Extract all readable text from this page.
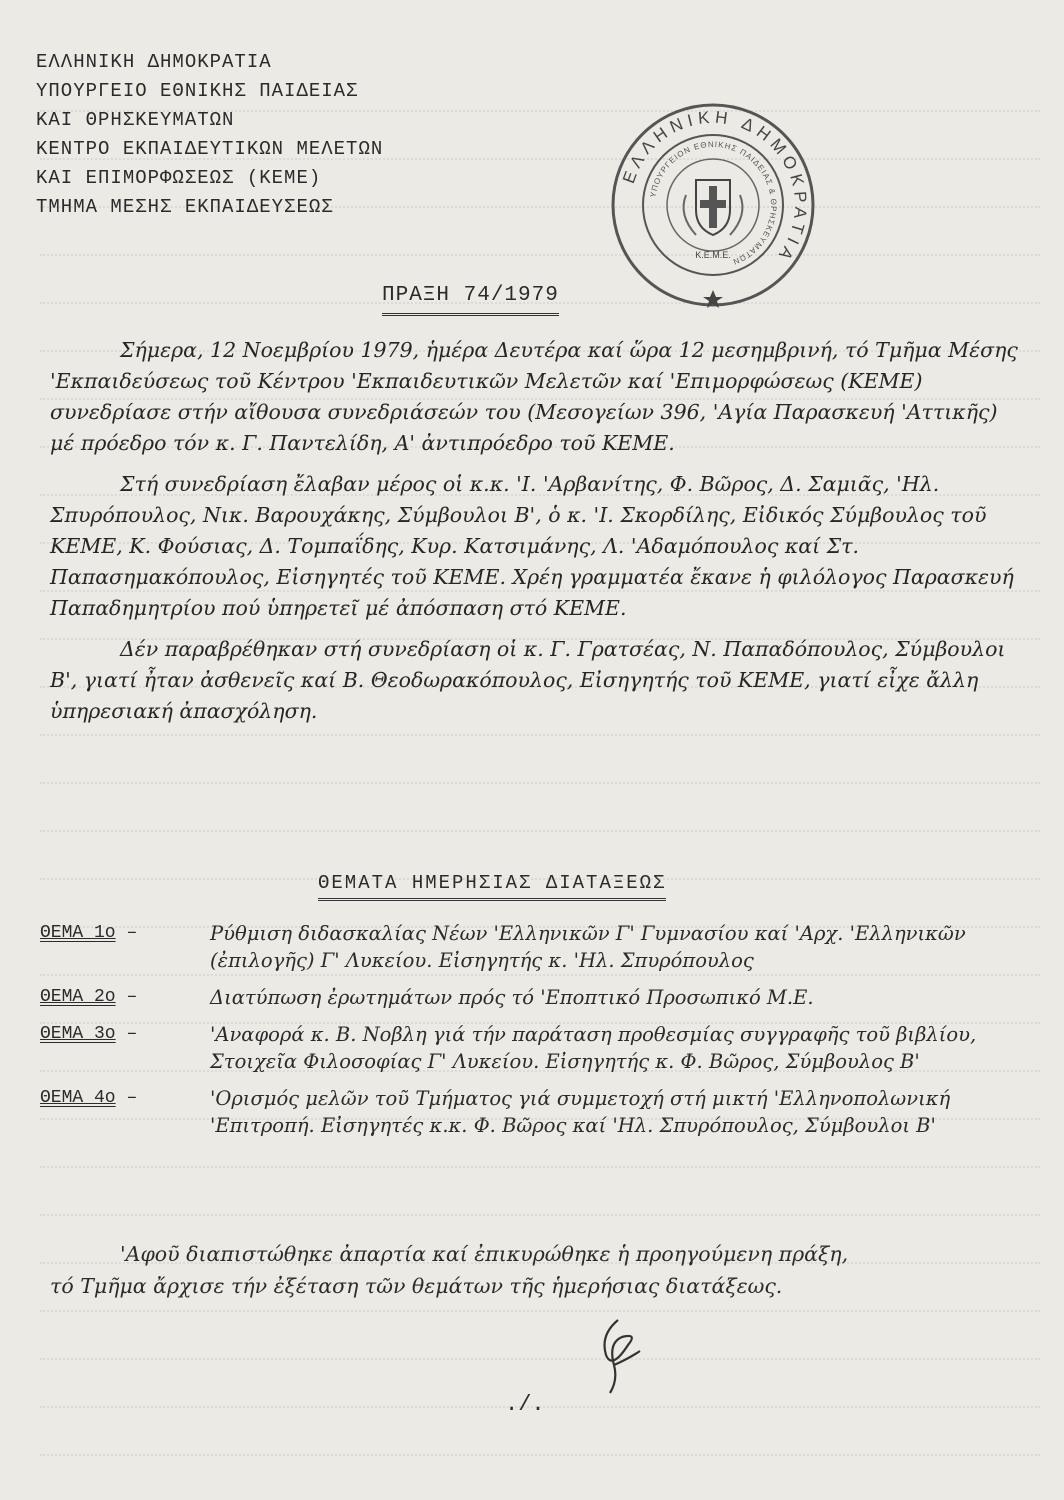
ΕΛΛΗΝΙΚΗ ΔΗΜΟΚΡΑΤΙΑ
ΥΠΟΥΡΓΕΙΟ ΕΘΝΙΚΗΣ ΠΑΙΔΕΙΑΣ
ΚΑΙ ΘΡΗΣΚΕΥΜΑΤΩΝ
ΚΕΝΤΡΟ ΕΚΠΑΙΔΕΥΤΙΚΩΝ ΜΕΛΕΤΩΝ
ΚΑΙ ΕΠΙΜΟΡΦΩΣΕΩΣ (ΚΕΜΕ)
ΤΜΗΜΑ ΜΕΣΗΣ ΕΚΠΑΙΔΕΥΣΕΩΣ
ΕΛΛΗΝΙΚΗ ΔΗΜΟΚΡΑΤΙΑ
ΥΠΟΥΡΓΕΙΟΝ ΕΘΝΙΚΗΣ ΠΑΙΔΕΙΑΣ & ΘΡΗΣΚΕΥΜΑΤΩΝ
Κ.Ε.Μ.Ε.
ΠΡΑΞΗ 74/1979

Σήμερα, 12 Νοεμβρίου 1979, ἡμέρα Δευτέρα καί ὥρα 12 μεσημβρινή, τό Τμῆμα Μέσης 'Εκπαιδεύσεως τοῦ Κέντρου 'Εκπαιδευτικῶν Μελετῶν καί 'Επιμορφώσεως (ΚΕΜΕ) συνεδρίασε στήν αἴθουσα συνεδριάσεών του (Μεσογείων 396, 'Αγία Παρασκευή 'Αττικῆς) μέ πρόεδρο τόν κ. Γ. Παντελίδη, Α' ἀντιπρόεδρο τοῦ ΚΕΜΕ.

Στή συνεδρίαση ἔλαβαν μέρος οἱ κ.κ. 'Ι. 'Αρβανίτης, Φ. Βῶρος, Δ. Σαμιᾶς, 'Ηλ. Σπυρόπουλος, Νικ. Βαρουχάκης, Σύμβουλοι Β', ὁ κ. 'Ι. Σκορδίλης, Εἰδικός Σύμβουλος τοῦ ΚΕΜΕ, Κ. Φούσιας, Δ. Τομπαΐδης, Κυρ. Κατσιμάνης, Λ. 'Αδαμόπουλος καί Στ. Παπασημακόπουλος, Εἰσηγητές τοῦ ΚΕΜΕ. Χρέη γραμματέα ἔκανε ἡ φιλόλογος Παρασκευή Παπαδημητρίου πού ὑπηρετεῖ μέ ἀπόσπαση στό ΚΕΜΕ.

Δέν παραβρέθηκαν στή συνεδρίαση οἱ κ. Γ. Γρατσέας, Ν. Παπαδόπουλος, Σύμβουλοι Β', γιατί ἦταν ἀσθενεῖς καί Β. Θεοδωρακόπουλος, Εἰσηγητής τοῦ ΚΕΜΕ, γιατί εἶχε ἄλλη ὑπηρεσιακή ἀπασχόληση.

ΘΕΜΑΤΑ ΗΜΕΡΗΣΙΑΣ ΔΙΑΤΑΞΕΩΣ
ΘΕΜΑ 1ο –	Ρύθμιση διδασκαλίας Νέων 'Ελληνικῶν Γ' Γυμνασίου καί 'Αρχ. 'Ελληνικῶν (ἐπιλογῆς) Γ' Λυκείου. Εἰσηγητής κ. 'Ηλ. Σπυρόπουλος
ΘΕΜΑ 2ο –	Διατύπωση ἐρωτημάτων πρός τό 'Εποπτικό Προσωπικό Μ.Ε.
ΘΕΜΑ 3ο –	'Αναφορά κ. Β. Νοβλη γιά τήν παράταση προθεσμίας συγγραφῆς τοῦ βιβλίου, Στοιχεῖα Φιλοσοφίας Γ' Λυκείου. Εἰσηγητής κ. Φ. Βῶρος, Σύμβουλος Β'
ΘΕΜΑ 4ο –	'Ορισμός μελῶν τοῦ Τμήματος γιά συμμετοχή στή μικτή 'Ελληνοπολωνική 'Επιτροπή. Εἰσηγητές κ.κ. Φ. Βῶρος καί 'Ηλ. Σπυρόπουλος, Σύμβουλοι Β'

'Αφοῦ διαπιστώθηκε ἀπαρτία καί ἐπικυρώθηκε ἡ προηγούμενη πράξη,

τό Τμῆμα ἄρχισε τήν ἐξέταση τῶν θεμάτων τῆς ἡμερήσιας διατάξεως.

./.
